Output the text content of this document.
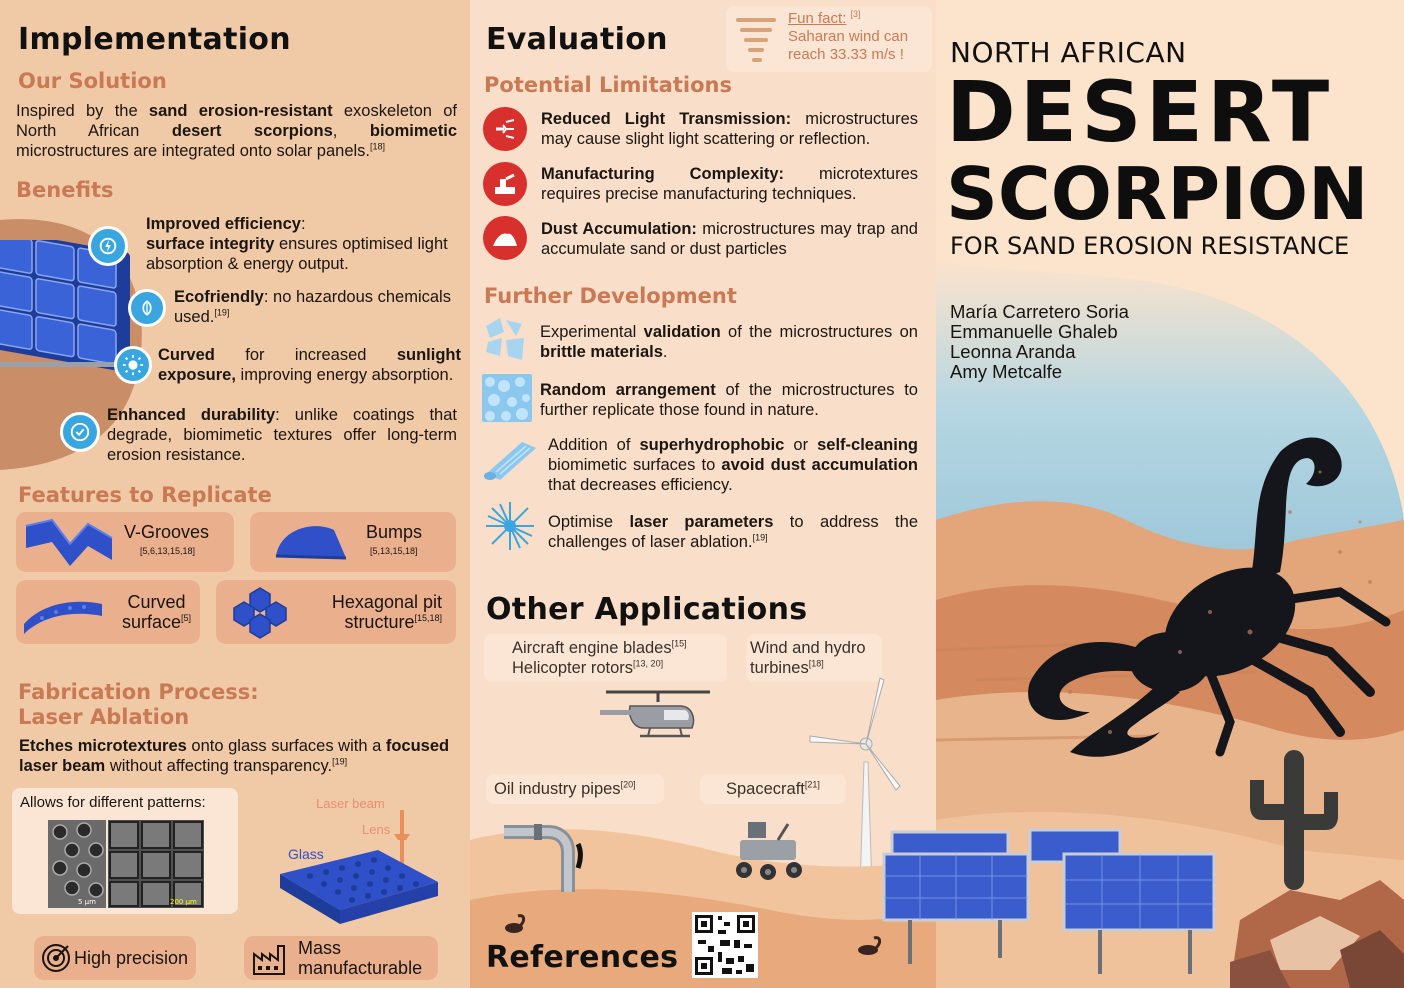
Implementation
Our Solution
Inspired by the sand erosion-resistant exoskeleton of North African desert scorpions, biomimetic microstructures are integrated onto solar panels.[18]
Benefits
Improved efficiency:
surface integrity ensures optimised light absorption & energy output.
Ecofriendly: no hazardous chemicals used.[19]
Curved for increased sunlight exposure, improving energy absorption.
Enhanced durability: unlike coatings that degrade, biomimetic textures offer long-term erosion resistance.
Features to Replicate
V-Grooves
[5,6,13,15,18]
Bumps
[5,13,15,18]
Curved
surface[5]
Hexagonal pit
structure[15,18]
Fabrication Process:
Laser Ablation
Etches microtextures onto glass surfaces with a focused laser beam without affecting transparency.[19]
Allows for different patterns:
5 μm	200 μm
Laser beam
Lens
Glass
High precision	Mass
manufacturable
Evaluation
Fun fact: [3]
Saharan wind can
reach 33.33 m/s !
Potential Limitations
Reduced Light Transmission: microstructures may cause slight light scattering or reflection.
Manufacturing Complexity: microtextures requires precise manufacturing techniques.
Dust Accumulation: microstructures may trap and accumulate sand or dust particles
Further Development
Experimental validation of the microstructures on brittle materials.
Random arrangement of the microstructures to further replicate those found in nature.
Addition of superhydrophobic or self-cleaning biomimetic surfaces to avoid dust accumulation that decreases efficiency.
Optimise laser parameters to address the challenges of laser ablation.[19]
Other Applications
Aircraft engine blades[15]
Helicopter rotors[13, 20]
Wind and hydro
turbines[18]
Oil industry pipes[20]	Spacecraft[21]
References
NORTH AFRICAN
DESERT
SCORPION
FOR SAND EROSION RESISTANCE
María Carretero Soria
Emmanuelle Ghaleb
Leonna Aranda
Amy Metcalfe
